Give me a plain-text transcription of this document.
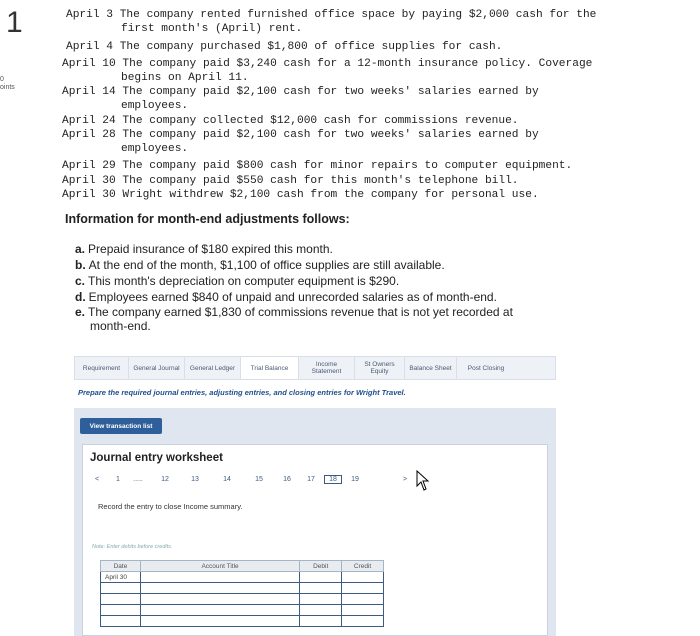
1
0
oints
April 3 The company rented furnished office space by paying $2,000 cash for the
first month's (April) rent.
April 4 The company purchased $1,800 of office supplies for cash.
April 10 The company paid $3,240 cash for a 12-month insurance policy. Coverage
begins on April 11.
April 14 The company paid $2,100 cash for two weeks' salaries earned by
employees.
April 24 The company collected $12,000 cash for commissions revenue.
April 28 The company paid $2,100 cash for two weeks' salaries earned by
employees.
April 29 The company paid $800 cash for minor repairs to computer equipment.
April 30 The company paid $550 cash for this month's telephone bill.
April 30 Wright withdrew $2,100 cash from the company for personal use.
Information for month-end adjustments follows:
a. Prepaid insurance of $180 expired this month.
b. At the end of the month, $1,100 of office supplies are still available.
c. This month's depreciation on computer equipment is $290.
d. Employees earned $840 of unpaid and unrecorded salaries as of month-end.
e. The company earned $1,830 of commissions revenue that is not yet recorded at
month-end.
Requirement	General Journal	General Ledger	Trial Balance	Income Statement
St Owners Equity	Balance Sheet	Post Closing
Prepare the required journal entries, adjusting entries, and closing entries for Wright Travel.
View transaction list
Journal entry worksheet
<	1	.....	12	13	14	15	16	17	18	19	>
Record the entry to close Income summary.
Note: Enter debits before credits.
Date	Account Title	Debit	Credit
April 30			
